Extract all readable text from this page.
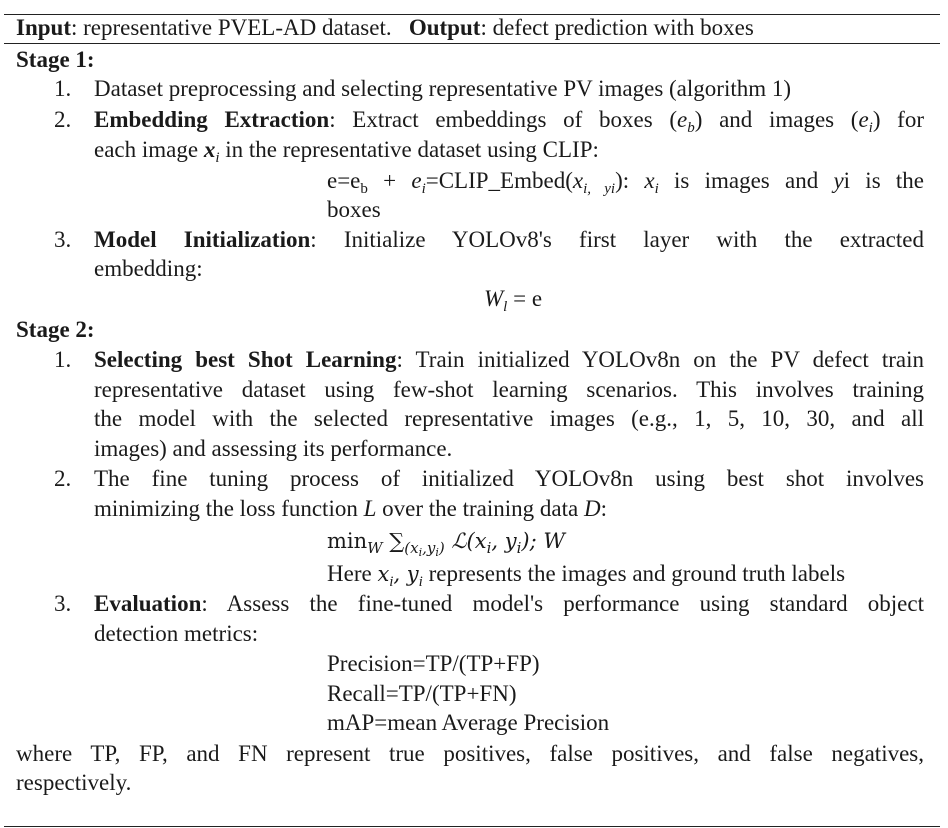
Input: representative PVEL-AD dataset. Output: defect prediction with boxes
Stage 1:
1. Dataset preprocessing and selecting representative PV images (algorithm 1)
2. Embedding Extraction: Extract embeddings of boxes $(e_b)$ and images $(e_i)$ for
each image $x_i$ in the representative dataset using CLIP:
$e=e_b$ + $e_i=CLIP\_Embed(x_{i,}$ $_{yi}$): $x_i$ is images and yi is the
boxes
3. Model Initialization: Initialize YOLOv8's first layer with the extracted
embedding:
$W_l = e$
Stage 2:
1. Selecting best Shot Learning: Train initialized YOLOv8n on the PV defect train
representative dataset using few-shot learning scenarios. This involves training
the model with the selected representative images (e.g., 1, 5, 10, 30, and all
images) and assessing its performance.
2. The fine tuning process of initialized YOLOv8n using best shot involves
minimizing the loss function L over the training data D:
$\min_W \sum_{(xi,yi)}$ $ℒ(x_i$, $y_i$); W
Here $x_i$, $y_i$ represents the images and ground truth labels
3. Evaluation: Assess the fine-tuned model's performance using standard object
detection metrics:
Precision=TP/(TP+FP)
Recall=TP/(TP+FN)
mAP=mean Average Precision
where TP, FP, and FN represent true positives, false positives, and false negatives,
respectively.
